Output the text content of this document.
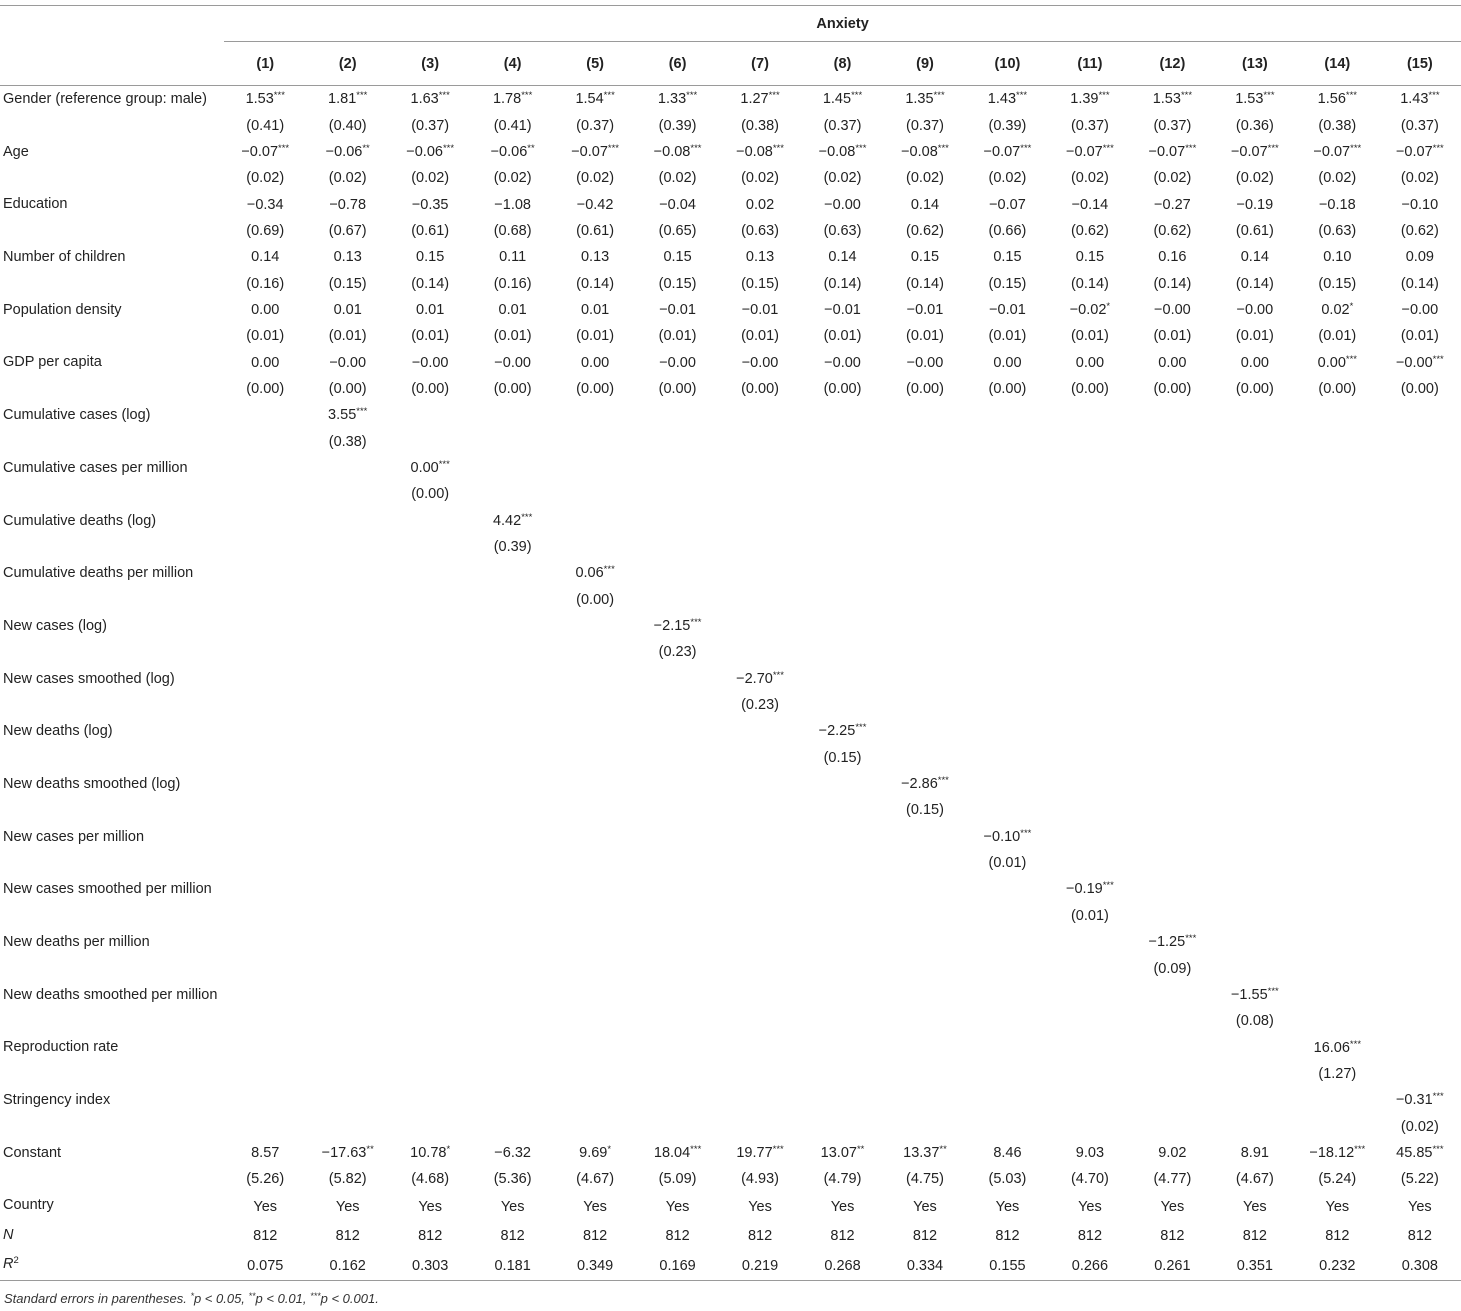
	Anxiety														
	(1)	(2)	(3)	(4)	(5)	(6)	(7)	(8)	(9)	(10)	(11)	(12)	(13)	(14)	(15)
Gender (reference group: male)	1.53***	1.81***	1.63***	1.78***	1.54***	1.33***	1.27***	1.45***	1.35***	1.43***	1.39***	1.53***	1.53***	1.56***	1.43***
	(0.41)	(0.40)	(0.37)	(0.41)	(0.37)	(0.39)	(0.38)	(0.37)	(0.37)	(0.39)	(0.37)	(0.37)	(0.36)	(0.38)	(0.37)
Age	−0.07***	−0.06**	−0.06***	−0.06**	−0.07***	−0.08***	−0.08***	−0.08***	−0.08***	−0.07***	−0.07***	−0.07***	−0.07***	−0.07***	−0.07***
	(0.02)	(0.02)	(0.02)	(0.02)	(0.02)	(0.02)	(0.02)	(0.02)	(0.02)	(0.02)	(0.02)	(0.02)	(0.02)	(0.02)	(0.02)
Education	−0.34	−0.78	−0.35	−1.08	−0.42	−0.04	0.02	−0.00	0.14	−0.07	−0.14	−0.27	−0.19	−0.18	−0.10
	(0.69)	(0.67)	(0.61)	(0.68)	(0.61)	(0.65)	(0.63)	(0.63)	(0.62)	(0.66)	(0.62)	(0.62)	(0.61)	(0.63)	(0.62)
Number of children	0.14	0.13	0.15	0.11	0.13	0.15	0.13	0.14	0.15	0.15	0.15	0.16	0.14	0.10	0.09
	(0.16)	(0.15)	(0.14)	(0.16)	(0.14)	(0.15)	(0.15)	(0.14)	(0.14)	(0.15)	(0.14)	(0.14)	(0.14)	(0.15)	(0.14)
Population density	0.00	0.01	0.01	0.01	0.01	−0.01	−0.01	−0.01	−0.01	−0.01	−0.02*	−0.00	−0.00	0.02*	−0.00
	(0.01)	(0.01)	(0.01)	(0.01)	(0.01)	(0.01)	(0.01)	(0.01)	(0.01)	(0.01)	(0.01)	(0.01)	(0.01)	(0.01)	(0.01)
GDP per capita	0.00	−0.00	−0.00	−0.00	0.00	−0.00	−0.00	−0.00	−0.00	0.00	0.00	0.00	0.00	0.00***	−0.00***
	(0.00)	(0.00)	(0.00)	(0.00)	(0.00)	(0.00)	(0.00)	(0.00)	(0.00)	(0.00)	(0.00)	(0.00)	(0.00)	(0.00)	(0.00)
Cumulative cases (log)		3.55***													
		(0.38)													
Cumulative cases per million			0.00***												
			(0.00)												
Cumulative deaths (log)				4.42***											
				(0.39)											
Cumulative deaths per million					0.06***										
					(0.00)										
New cases (log)						−2.15***									
						(0.23)									
New cases smoothed (log)							−2.70***								
							(0.23)								
New deaths (log)								−2.25***							
								(0.15)							
New deaths smoothed (log)									−2.86***						
									(0.15)						
New cases per million										−0.10***					
										(0.01)					
New cases smoothed per million											−0.19***				
											(0.01)				
New deaths per million												−1.25***			
												(0.09)			
New deaths smoothed per million													−1.55***		
													(0.08)		
Reproduction rate														16.06***	
														(1.27)	
Stringency index															−0.31***
															(0.02)
Constant	8.57	−17.63**	10.78*	−6.32	9.69*	18.04***	19.77***	13.07**	13.37**	8.46	9.03	9.02	8.91	−18.12***	45.85***
	(5.26)	(5.82)	(4.68)	(5.36)	(4.67)	(5.09)	(4.93)	(4.79)	(4.75)	(5.03)	(4.70)	(4.77)	(4.67)	(5.24)	(5.22)
Country	Yes	Yes	Yes	Yes	Yes	Yes	Yes	Yes	Yes	Yes	Yes	Yes	Yes	Yes	Yes
N	812	812	812	812	812	812	812	812	812	812	812	812	812	812	812
$R^2$	0.075	0.162	0.303	0.181	0.349	0.169	0.219	0.268	0.334	0.155	0.266	0.261	0.351	0.232	0.308
Standard errors in parentheses. *p < 0.05, **p < 0.01, ***p < 0.001.
